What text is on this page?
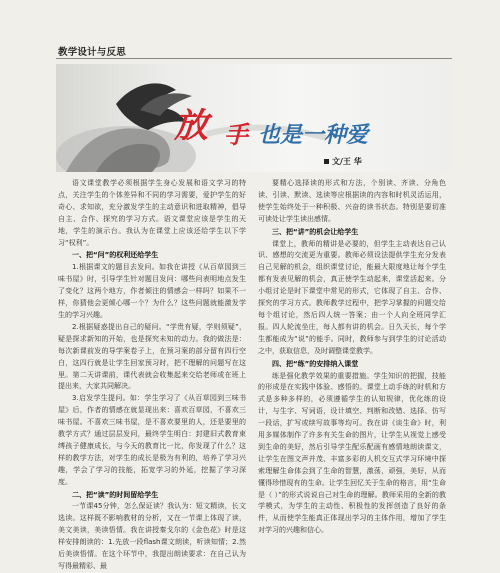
教学设计与反思
放 手 也是一种爱
文/王 华

语文课堂教学必须根据学生身心发展和语文学习的特点，关注学生的个体差异和不同的学习需要，爱护学生的好奇心、求知欲，充分激发学生的主动意识和进取精神，倡导自主、合作、探究的学习方式。语文课堂应该是学生的天地，学生的演示台。我认为在课堂上应该还给学生以下学习“权利”。

一、把“问”的权利还给学生

1.根据课文的题目去发问。如我在讲授《从百草园到三味书屋》时，引导学生针对题目发问：哪些问表明地点发生了变化？这两个地方，作者倾注的情感会一样吗？如果不一样，你猜他会更倾心哪一个？为什么？这些问题就能激发学生的学习兴趣。

2.根据疑惑提出自己的疑问。“学贵有疑，学则须疑”，疑是探求新知的开始，也是探究未知的动力。我的做法是：每次新课前发的导学案卷子上，在预习案的部分留有四行空白，这四行就是让学生回家预习时，把不理解的问题写在这里。第二天讲课前，课代表就会收集起来交给老师或在班上提出来，大家共同解决。

3.启发学生提问。如：学生学习了《从百草园到三味书屋》后，作者的情感在就显现出来：喜欢百草园，不喜欢三味书屋。不喜欢三味书屋，是不喜欢要里的人，还是要里的教学方式？通过层层发问，最终学生明白：封建旧式教育束缚孩子健康成长，与今天的教育比一比，你发现了什么？这样的教学方法，对学生的成长是极为有利的，培养了学习兴趣，学会了学习的技能，拓宽学习的外延，挖掘了学习深度。

二、把“读”的时间留给学生

一节课45分钟，怎么保证读？我认为：短文精读，长文选读。这样既不影响教材的分析，又在一节课上体现了读，美文美读，美读悟情。我在讲授秦戈尔的《金色花》时是这样安排朗读的：1.先放一段flash课文朗读，听读知情；2.然后美读悟情。在这个环节中，我提出朗读要求：在自己认为写得最精彩、最

要精心选择读的形式和方法，个别读、齐读、分角色读、引读、默读、选读等应根据读的内容和时机灵活运用，使学生始终处于一种积极、兴奋的读书状态。特别是要切准可读处让学生读出感情。

三、把“讲”的机会让给学生

课堂上，教师的精讲是必要的，但学生主动表达自己认识、感想的交流更为重要。教师必须设法提供学生充分发表自己见解的机会，组织课堂讨论，能最大限度地让每个学生都有发表见解的机会，真正使学生动起来，课堂活起来。分小组讨论是时下课堂中常见的形式，它体现了自主、合作、探究的学习方式。教师教学过程中，把学习掌握的问题交给每个组讨论，然后四人统一答案；由一个人向全班同学汇报。四人轮流坐庄，每人都有讲的机会。日久天长，每个学生都能成为“说”的能手。同时，教师参与到学生的讨论活动之中，获取信息，及时调整课堂教学。

四、把“练”的安排纳入课堂

练是强化教学效果的重要措施。学生知识的把握，技能的形成是在实践中体验、感悟的。课堂上动手练的时机和方式是多种多样的，必须遵循学生的认知规律，优化练的设计，与生字、写词语，设计填空、判断和改错、选择、仿写一段话，扩写或续写故事等均可。我在讲《谈生命》时，利用多媒体制作了许多有关生命的图片，让学生从视觉上感受到生命的美好，然后引导学生配乐配画有感情地朗读课文，让学生在图文声并茂、丰富多彩的人机交互式学习环境中探索理解生命体会到了生命的智慧，激荡，顽强，美好，从而懂得珍惜现有的生命。让学生回忆关于生命的格言，用“生命是（ ）”的形式说说自己对生命的理解。教师采用的全新的教学模式，为学生的主动性、积极性的发挥创造了良好的条件，从而使学生能真正体现出学习的主体作用，增加了学生对学习的兴趣和信心。
